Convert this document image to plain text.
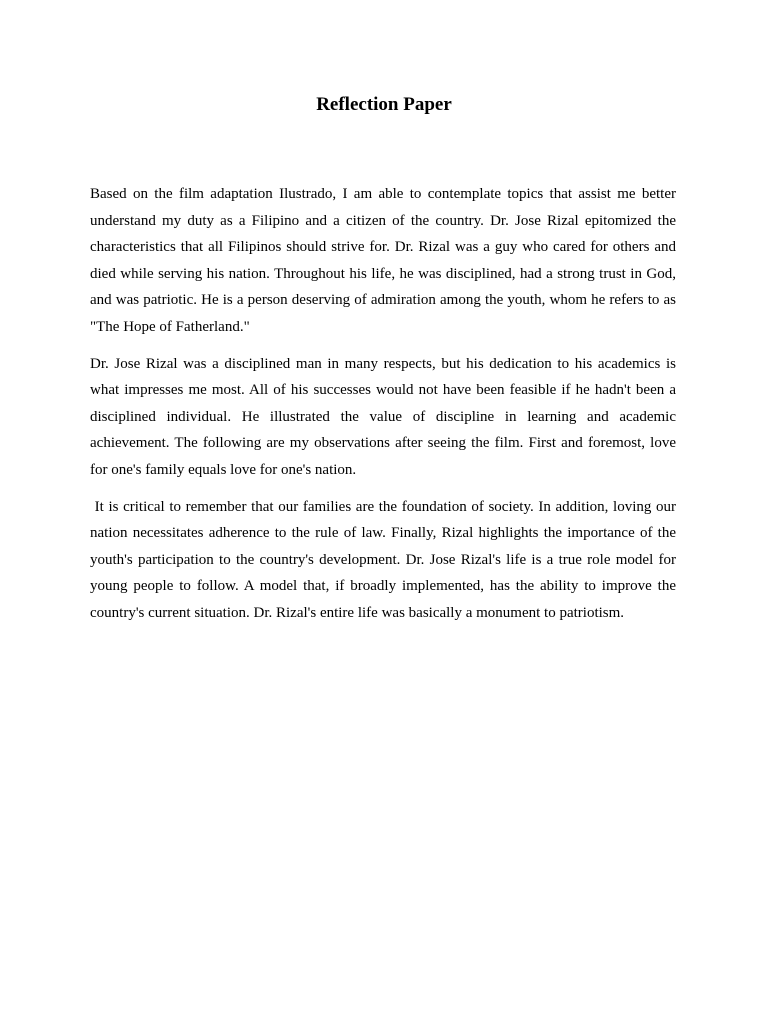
Reflection Paper

Based on the film adaptation Ilustrado, I am able to contemplate topics that assist me better understand my duty as a Filipino and a citizen of the country. Dr. Jose Rizal epitomized the characteristics that all Filipinos should strive for. Dr. Rizal was a guy who cared for others and died while serving his nation. Throughout his life, he was disciplined, had a strong trust in God, and was patriotic. He is a person deserving of admiration among the youth, whom he refers to as "The Hope of Fatherland."

Dr. Jose Rizal was a disciplined man in many respects, but his dedication to his academics is what impresses me most. All of his successes would not have been feasible if he hadn't been a disciplined individual. He illustrated the value of discipline in learning and academic achievement. The following are my observations after seeing the film. First and foremost, love for one's family equals love for one's nation.

It is critical to remember that our families are the foundation of society. In addition, loving our nation necessitates adherence to the rule of law. Finally, Rizal highlights the importance of the youth's participation to the country's development. Dr. Jose Rizal's life is a true role model for young people to follow. A model that, if broadly implemented, has the ability to improve the country's current situation. Dr. Rizal's entire life was basically a monument to patriotism.
